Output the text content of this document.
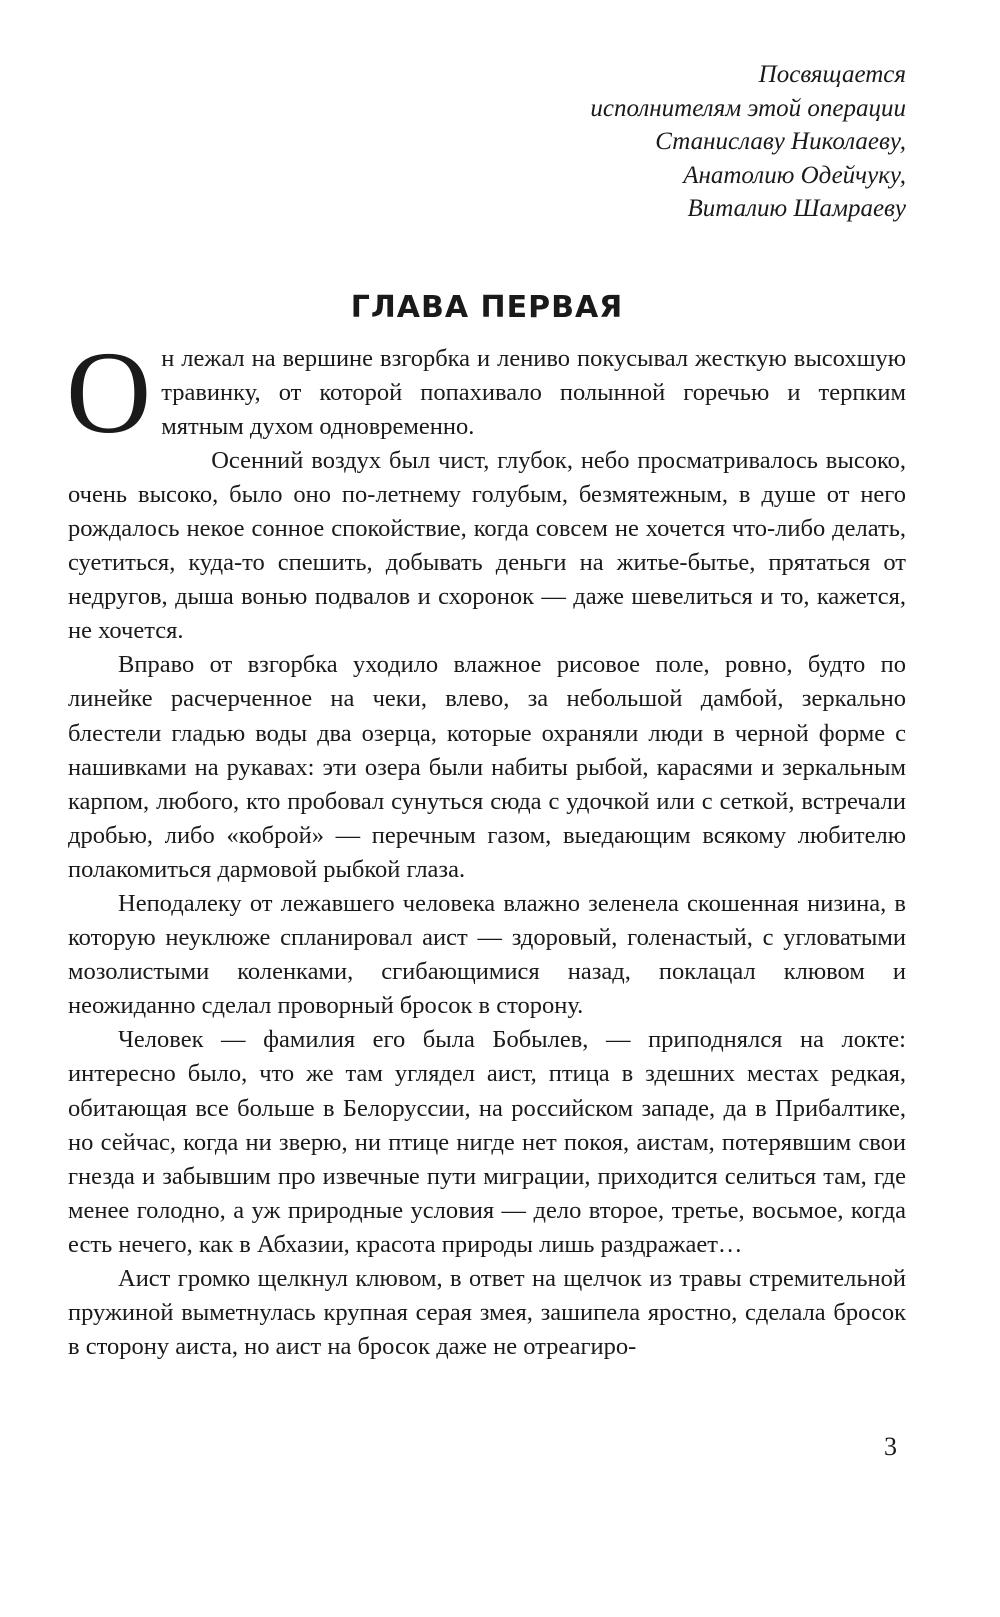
Посвящается
исполнителям этой операции
Станиславу Николаеву,
Анатолию Одейчуку,
Виталию Шамраеву
ГЛАВА ПЕРВАЯ

Он лежал на вершине взгорбка и лениво покусывал жесткую высохшую травинку, от которой попахивало полынной горечью и терпким мятным духом одновременно.

Осенний воздух был чист, глубок, небо просматривалось высоко, очень высоко, было оно по-летнему голубым, безмятежным, в душе от него рождалось некое сонное спокойствие, когда совсем не хочется что-либо делать, суетиться, куда-то спешить, добывать деньги на житье-бытье, прятаться от недругов, дыша вонью подвалов и схоронок — даже шевелиться и то, кажется, не хочется.

Вправо от взгорбка уходило влажное рисовое поле, ровно, будто по линейке расчерченное на чеки, влево, за небольшой дамбой, зеркально блестели гладью воды два озерца, которые охраняли люди в черной форме с нашивками на рукавах: эти озера были набиты рыбой, карасями и зеркальным карпом, любого, кто пробовал сунуться сюда с удочкой или с сеткой, встречали дробью, либо «коброй» — перечным газом, выедающим всякому любителю полакомиться дармовой рыбкой глаза.

Неподалеку от лежавшего человека влажно зеленела скошенная низина, в которую неуклюже спланировал аист — здоровый, голенастый, с угловатыми мозолистыми коленками, сгибающимися назад, поклацал клювом и неожиданно сделал проворный бросок в сторону.

Человек — фамилия его была Бобылев, — приподнялся на локте: интересно было, что же там углядел аист, птица в здешних местах редкая, обитающая все больше в Белоруссии, на российском западе, да в Прибалтике, но сейчас, когда ни зверю, ни птице нигде нет покоя, аистам, потерявшим свои гнезда и забывшим про извечные пути миграции, приходится селиться там, где менее голодно, а уж природные условия — дело второе, третье, восьмое, когда есть нечего, как в Абхазии, красота природы лишь раздражает…

Аист громко щелкнул клювом, в ответ на щелчок из травы стремительной пружиной выметнулась крупная серая змея, зашипела яростно, сделала бросок в сторону аиста, но аист на бросок даже не отреагиро-

3
